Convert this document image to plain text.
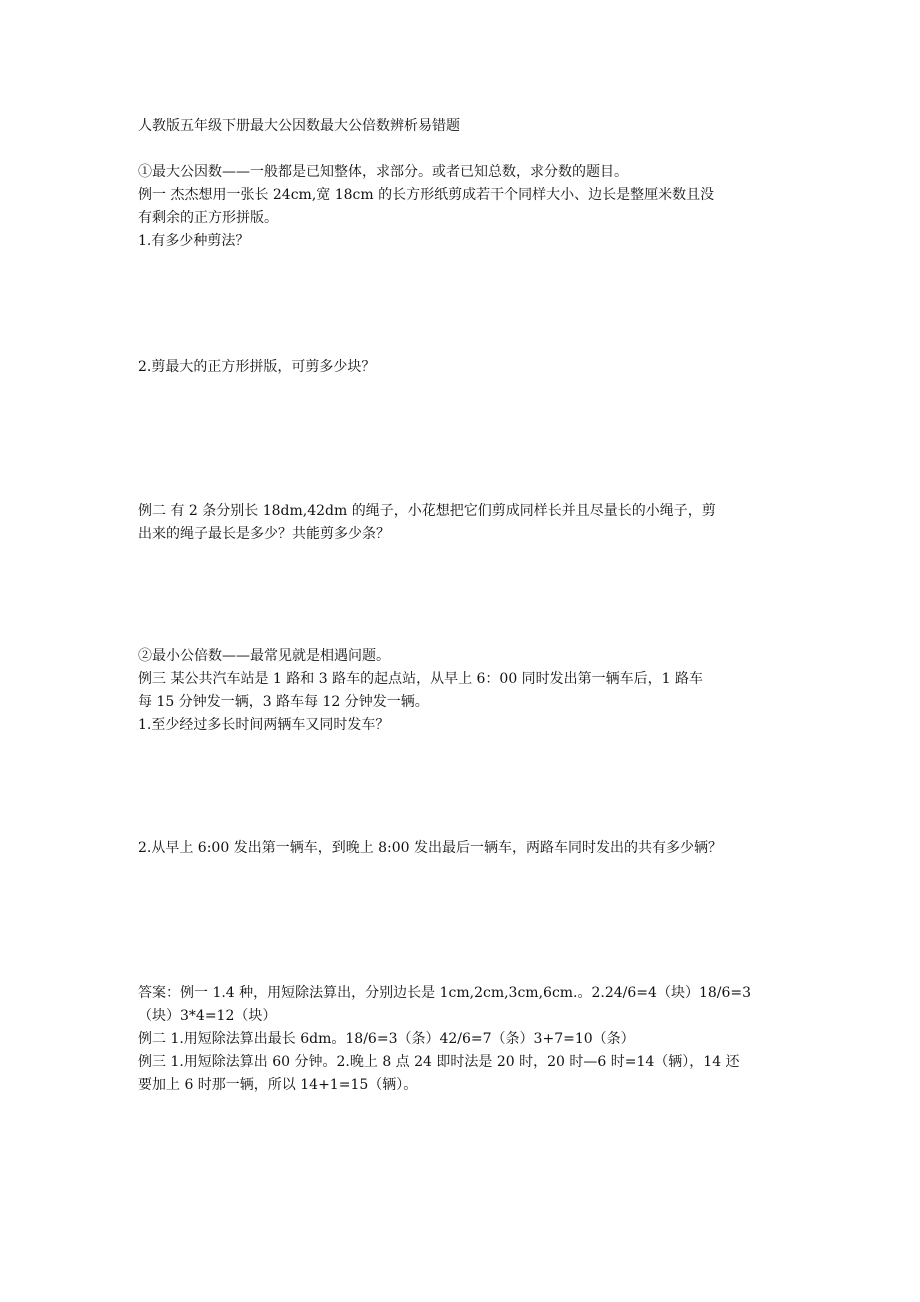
人教版五年级下册最大公因数最大公倍数辨析易错题
①最大公因数——一般都是已知整体，求部分。或者已知总数，求分数的题目。
例一 杰杰想用一张长 24cm,宽 18cm 的长方形纸剪成若干个同样大小、边长是整厘米数且没
有剩余的正方形拼版。
1.有多少种剪法？
2.剪最大的正方形拼版，可剪多少块？
例二 有 2 条分别长 18dm,42dm 的绳子，小花想把它们剪成同样长并且尽量长的小绳子，剪
出来的绳子最长是多少？共能剪多少条？
②最小公倍数——最常见就是相遇问题。
例三 某公共汽车站是 1 路和 3 路车的起点站，从早上 6：00 同时发出第一辆车后，1 路车
每 15 分钟发一辆，3 路车每 12 分钟发一辆。
1.至少经过多长时间两辆车又同时发车？
2.从早上 6:00 发出第一辆车，到晚上 8:00 发出最后一辆车，两路车同时发出的共有多少辆？
答案：例一 1.4 种，用短除法算出，分别边长是 1cm,2cm,3cm,6cm.。2.24/6=4（块）18/6=3
（块）3*4=12（块）
例二 1.用短除法算出最长 6dm。18/6=3（条）42/6=7（条）3+7=10（条）
例三 1.用短除法算出 60 分钟。2.晚上 8 点 24 即时法是 20 时，20 时—6 时=14（辆），14 还
要加上 6 时那一辆，所以 14+1=15（辆）。
